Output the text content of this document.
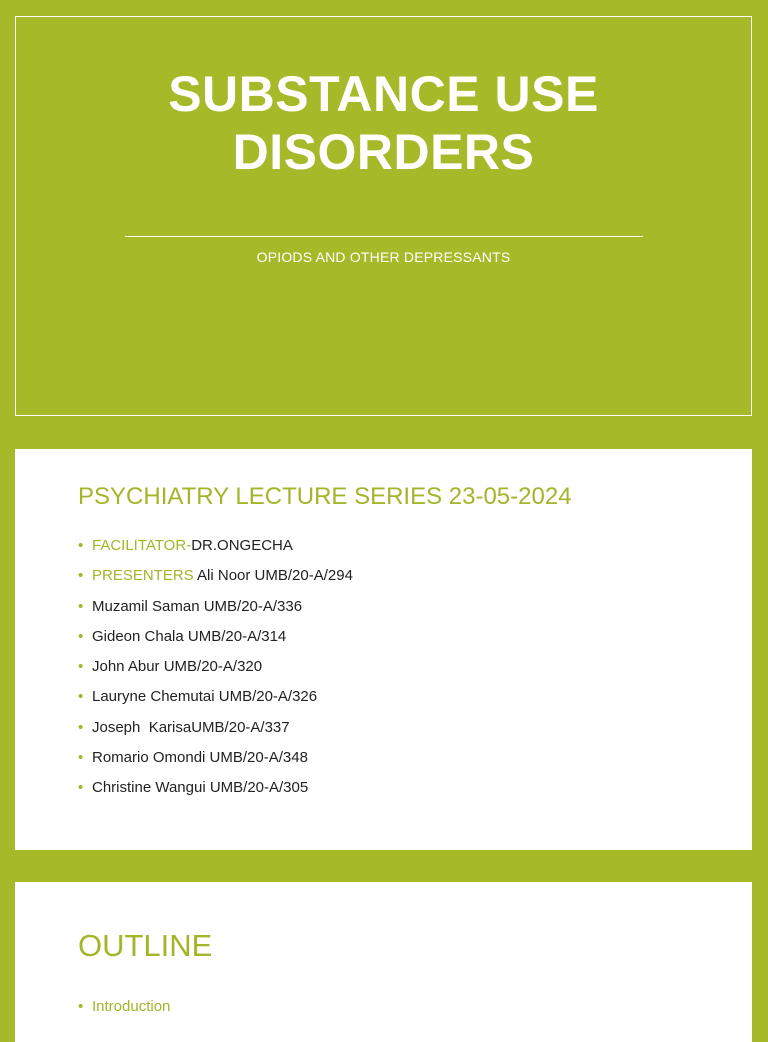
SUBSTANCE USE
DISORDERS
OPIODS AND OTHER DEPRESSANTS
PSYCHIATRY LECTURE SERIES 23-05-2024
• FACILITATOR- DR.ONGECHA
• PRESENTERS Ali Noor UMB/20-A/294
• Muzamil Saman UMB/20-A/336
• Gideon Chala UMB/20-A/314
• John Abur UMB/20-A/320
• Lauryne Chemutai UMB/20-A/326
• Joseph  KarisaUMB/20-A/337
• Romario Omondi UMB/20-A/348
• Christine Wangui UMB/20-A/305
OUTLINE
• Introduction
